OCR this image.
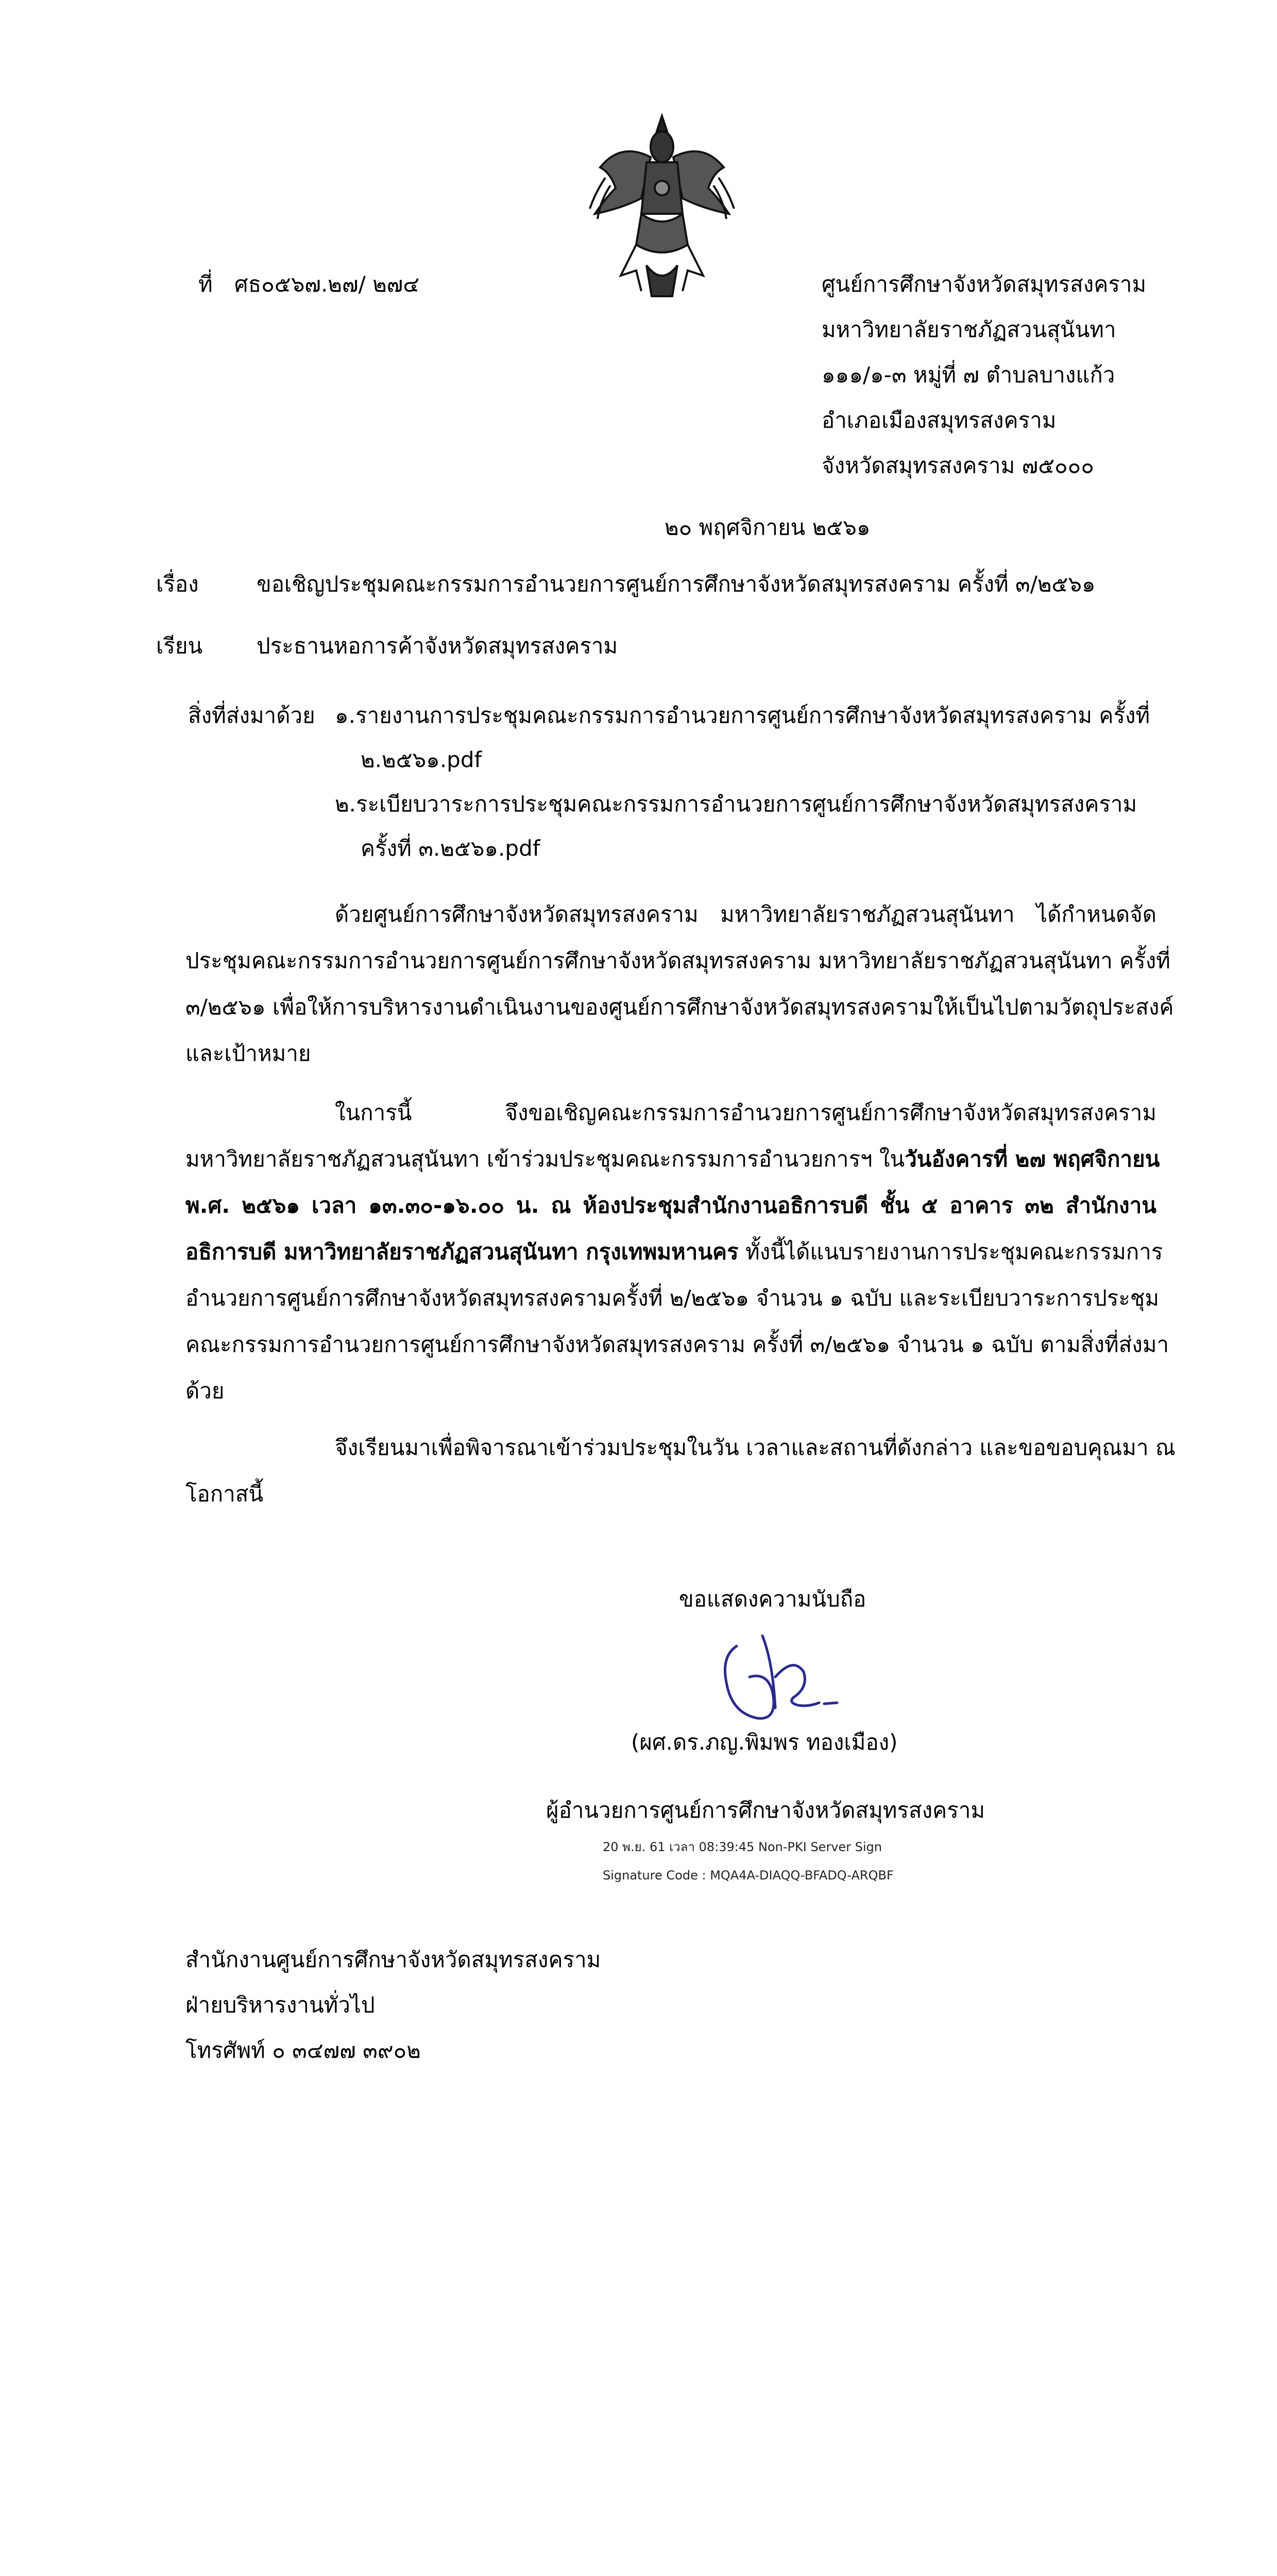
ที่ ศธ๐๕๖๗.๒๗/ ๒๗๔	ศูนย์การศึกษาจังหวัดสมุทรสงคราม
มหาวิทยาลัยราชภัฏสวนสุนันทา
๑๑๑/๑-๓ หมู่ที่ ๗ ตำบลบางแก้ว
อำเภอเมืองสมุทรสงคราม
จังหวัดสมุทรสงคราม ๗๕๐๐๐
๒๐ พฤศจิกายน ๒๕๖๑
เรื่อง	ขอเชิญประชุมคณะกรรมการอำนวยการศูนย์การศึกษาจังหวัดสมุทรสงคราม ครั้งที่ ๓/๒๕๖๑
เรียน ประธานหอการค้าจังหวัดสมุทรสงคราม
สิ่งที่ส่งมาด้วย ๑.รายงานการประชุมคณะกรรมการอำนวยการศูนย์การศึกษาจังหวัดสมุทรสงคราม ครั้งที่
๒.๒๕๖๑.pdf
๒.ระเบียบวาระการประชุมคณะกรรมการอำนวยการศูนย์การศึกษาจังหวัดสมุทรสงคราม
ครั้งที่ ๓.๒๕๖๑.pdf
ด้วยศูนย์การศึกษาจังหวัดสมุทรสงคราม มหาวิทยาลัยราชภัฏสวนสุนันทา ได้กำหนดจัด
ประชุมคณะกรรมการอำนวยการศูนย์การศึกษาจังหวัดสมุทรสงคราม มหาวิทยาลัยราชภัฏสวนสุนันทา ครั้งที่
๓/๒๕๖๑ เพื่อให้การบริหารงานดำเนินงานของศูนย์การศึกษาจังหวัดสมุทรสงครามให้เป็นไปตามวัตถุประสงค์
และเป้าหมาย
ในการนี้ จึงขอเชิญคณะกรรมการอำนวยการศูนย์การศึกษาจังหวัดสมุทรสงคราม
มหาวิทยาลัยราชภัฏสวนสุนันทา เข้าร่วมประชุมคณะกรรมการอำนวยการฯ ในวันอังคารที่ ๒๗ พฤศจิกายน
พ.ศ. ๒๕๖๑ เวลา ๑๓.๓๐-๑๖.๐๐ น. ณ ห้องประชุมสำนักงานอธิการบดี ชั้น ๕ อาคาร ๓๒ สำนักงาน
อธิการบดี มหาวิทยาลัยราชภัฏสวนสุนันทา กรุงเทพมหานคร ทั้งนี้ได้แนบรายงานการประชุมคณะกรรมการ
อำนวยการศูนย์การศึกษาจังหวัดสมุทรสงครามครั้งที่ ๒/๒๕๖๑ จำนวน ๑ ฉบับ และระเบียบวาระการประชุม
คณะกรรมการอำนวยการศูนย์การศึกษาจังหวัดสมุทรสงคราม ครั้งที่ ๓/๒๕๖๑ จำนวน ๑ ฉบับ ตามสิ่งที่ส่งมา
ด้วย
จึงเรียนมาเพื่อพิจารณาเข้าร่วมประชุมในวัน เวลาและสถานที่ดังกล่าว และขอขอบคุณมา ณ
โอกาสนี้
ขอแสดงความนับถือ
(ผศ.ดร.ภญ.พิมพร ทองเมือง)
ผู้อำนวยการศูนย์การศึกษาจังหวัดสมุทรสงคราม
20 พ.ย. 61 เวลา 08:39:45 Non-PKI Server Sign
Signature Code : MQA4A-DIAQQ-BFADQ-ARQBF
สำนักงานศูนย์การศึกษาจังหวัดสมุทรสงคราม
ฝ่ายบริหารงานทั่วไป
โทรศัพท์ ๐ ๓๔๗๗ ๓๙๐๒
